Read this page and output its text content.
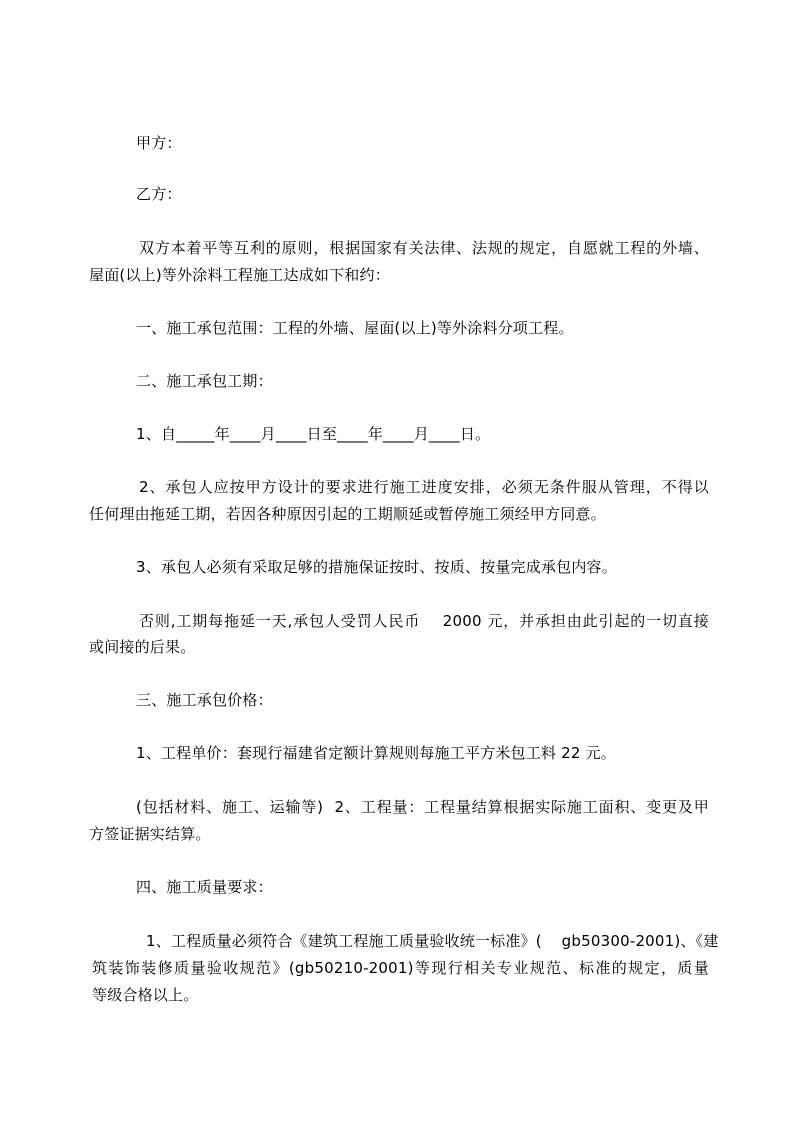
甲方：
乙方：
双方本着平等互利的原则，根据国家有关法律、法规的规定，自愿就工程的外墙、
屋面(以上)等外涂料工程施工达成如下和约：
一、施工承包范围：工程的外墙、屋面(以上)等外涂料分项工程。
二、施工承包工期：
1、自_____年____月____日至____年____月____日。
2、承包人应按甲方设计的要求进行施工进度安排，必须无条件服从管理，不得以
任何理由拖延工期，若因各种原因引起的工期顺延或暂停施工须经甲方同意。
3、承包人必须有采取足够的措施保证按时、按质、按量完成承包内容。
否则,工期每拖延一天,承包人受罚人民币    2000 元，并承担由此引起的一切直接
或间接的后果。
三、施工承包价格：
1、工程单价：套现行福建省定额计算规则每施工平方米包工料 22 元。
(包括材料、施工、运输等)  2、工程量：工程量结算根据实际施工面积、变更及甲
方签证据实结算。
四、施工质量要求：
1、工程质量必须符合《建筑工程施工质量验收统一标准》(    gb50300-2001)、《建
筑装饰装修质量验收规范》(gb50210-2001)等现行相关专业规范、标准的规定，质量
等级合格以上。
